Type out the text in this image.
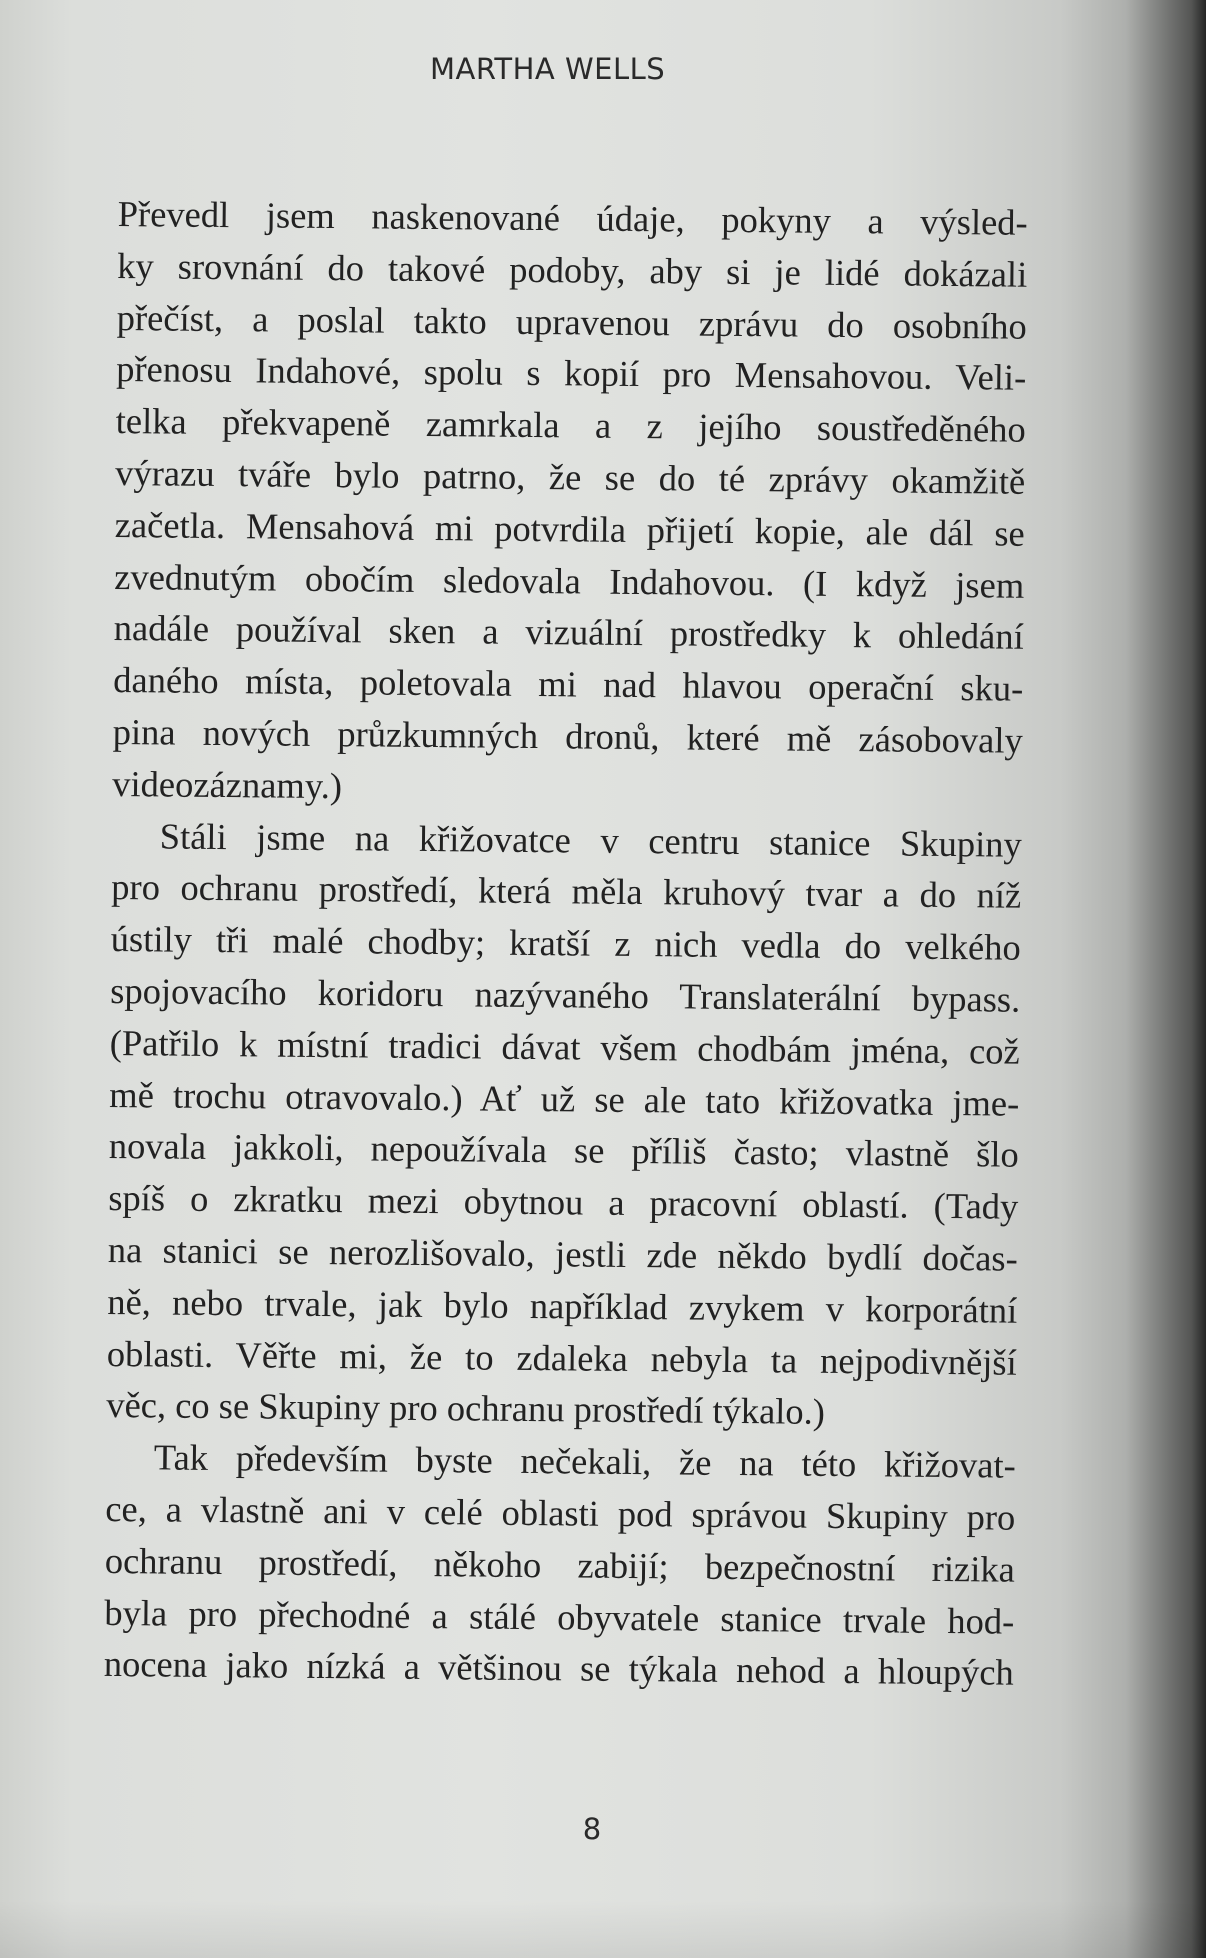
MARTHA WELLS
Převedl jsem naskenované údaje, pokyny a výsled-
ky srovnání do takové podoby, aby si je lidé dokázali
přečíst, a poslal takto upravenou zprávu do osobního
přenosu Indahové, spolu s kopií pro Mensahovou. Veli-
telka překvapeně zamrkala a z jejího soustředěného
výrazu tváře bylo patrno, že se do té zprávy okamžitě
začetla. Mensahová mi potvrdila přijetí kopie, ale dál se
zvednutým obočím sledovala Indahovou. (I když jsem
nadále používal sken a vizuální prostředky k ohledání
daného místa, poletovala mi nad hlavou operační sku-
pina nových průzkumných dronů, které mě zásobovaly
videozáznamy.)
Stáli jsme na křižovatce v centru stanice Skupiny
pro ochranu prostředí, která měla kruhový tvar a do níž
ústily tři malé chodby; kratší z nich vedla do velkého
spojovacího koridoru nazývaného Translaterální bypass.
(Patřilo k místní tradici dávat všem chodbám jména, což
mě trochu otravovalo.) Ať už se ale tato křižovatka jme-
novala jakkoli, nepoužívala se příliš často; vlastně šlo
spíš o zkratku mezi obytnou a pracovní oblastí. (Tady
na stanici se nerozlišovalo, jestli zde někdo bydlí dočas-
ně, nebo trvale, jak bylo například zvykem v korporátní
oblasti. Věřte mi, že to zdaleka nebyla ta nejpodivnější
věc, co se Skupiny pro ochranu prostředí týkalo.)
Tak především byste nečekali, že na této křižovat-
ce, a vlastně ani v celé oblasti pod správou Skupiny pro
ochranu prostředí, někoho zabijí; bezpečnostní rizika
byla pro přechodné a stálé obyvatele stanice trvale hod-
nocena jako nízká a většinou se týkala nehod a hloupých
8
